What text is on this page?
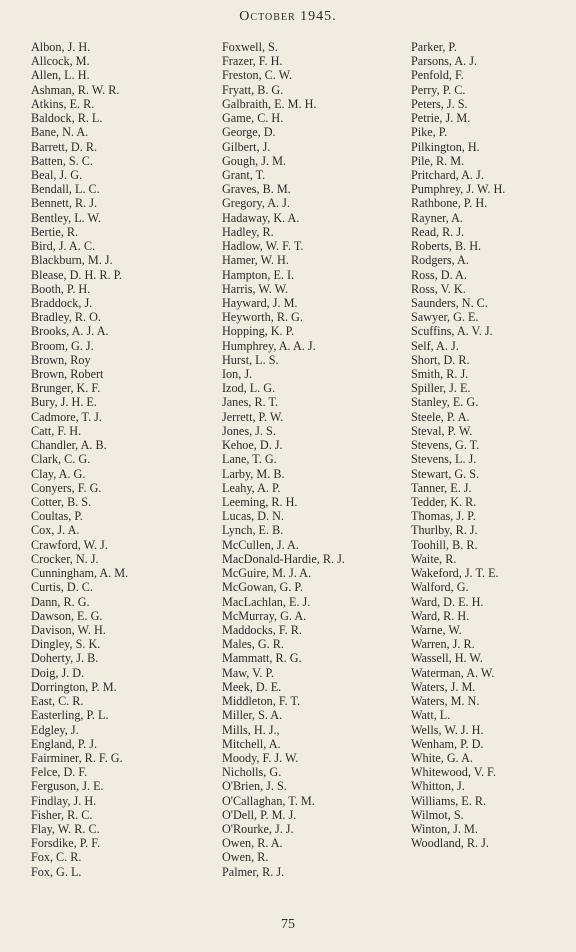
October 1945.
Albon, J. H.
Allcock, M.
Allen, L. H.
Ashman, R. W. R.
Atkins, E. R.
Baldock, R. L.
Bane, N. A.
Barrett, D. R.
Batten, S. C.
Beal, J. G.
Bendall, L. C.
Bennett, R. J.
Bentley, L. W.
Bertie, R.
Bird, J. A. C.
Blackburn, M. J.
Blease, D. H. R. P.
Booth, P. H.
Braddock, J.
Bradley, R. O.
Brooks, A. J. A.
Broom, G. J.
Brown, Roy
Brown, Robert
Brunger, K. F.
Bury, J. H. E.
Cadmore, T. J.
Catt, F. H.
Chandler, A. B.
Clark, C. G.
Clay, A. G.
Conyers, F. G.
Cotter, B. S.
Coultas, P.
Cox, J. A.
Crawford, W. J.
Crocker, N. J.
Cunningham, A. M.
Curtis, D. C.
Dann, R. G.
Dawson, E. G.
Davison, W. H.
Dingley, S. K.
Doherty, J. B.
Doig, J. D.
Dorrington, P. M.
East, C. R.
Easterling, P. L.
Edgley, J.
England, P. J.
Fairminer, R. F. G.
Felce, D. F.
Ferguson, J. E.
Findlay, J. H.
Fisher, R. C.
Flay, W. R. C.
Forsdike, P. F.
Fox, C. R.
Fox, G. L.
Foxwell, S.
Frazer, F. H.
Freston, C. W.
Fryatt, B. G.
Galbraith, E. M. H.
Game, C. H.
George, D.
Gilbert, J.
Gough, J. M.
Grant, T.
Graves, B. M.
Gregory, A. J.
Hadaway, K. A.
Hadley, R.
Hadlow, W. F. T.
Hamer, W. H.
Hampton, E. I.
Harris, W. W.
Hayward, J. M.
Heyworth, R. G.
Hopping, K. P.
Humphrey, A. A. J.
Hurst, L. S.
Ion, J.
Izod, L. G.
Janes, R. T.
Jerrett, P. W.
Jones, J. S.
Kehoe, D. J.
Lane, T. G.
Larby, M. B.
Leahy, A. P.
Leeming, R. H.
Lucas, D. N.
Lynch, E. B.
McCullen, J. A.
MacDonald-Hardie, R. J.
McGuire, M. J. A.
McGowan, G. P.
MacLachlan, E. J.
McMurray, G. A.
Maddocks, F. R.
Males, G. R.
Mammatt, R. G.
Maw, V. P.
Meek, D. E.
Middleton, F. T.
Miller, S. A.
Mills, H. J.,
Mitchell, A.
Moody, F. J. W.
Nicholls, G.
O'Brien, J. S.
O'Callaghan, T. M.
O'Dell, P. M. J.
O'Rourke, J. J.
Owen, R. A.
Owen, R.
Palmer, R. J.
Parker, P.
Parsons, A. J.
Penfold, F.
Perry, P. C.
Peters, J. S.
Petrie, J. M.
Pike, P.
Pilkington, H.
Pile, R. M.
Pritchard, A. J.
Pumphrey, J. W. H.
Rathbone, P. H.
Rayner, A.
Read, R. J.
Roberts, B. H.
Rodgers, A.
Ross, D. A.
Ross, V. K.
Saunders, N. C.
Sawyer, G. E.
Scuffins, A. V. J.
Self, A. J.
Short, D. R.
Smith, R. J.
Spiller, J. E.
Stanley, E. G.
Steele, P. A.
Steval, P. W.
Stevens, G. T.
Stevens, L. J.
Stewart, G. S.
Tanner, E. J.
Tedder, K. R.
Thomas, J. P.
Thurlby, R. J.
Toohill, B. R.
Waite, R.
Wakeford, J. T. E.
Walford, G.
Ward, D. E. H.
Ward, R. H.
Warne, W.
Warren, J. R.
Wassell, H. W.
Waterman, A. W.
Waters, J. M.
Waters, M. N.
Watt, L.
Wells, W. J. H.
Wenham, P. D.
White, G. A.
Whitewood, V. F.
Whitton, J.
Williams, E. R.
Wilmot, S.
Winton, J. M.
Woodland, R. J.
75
